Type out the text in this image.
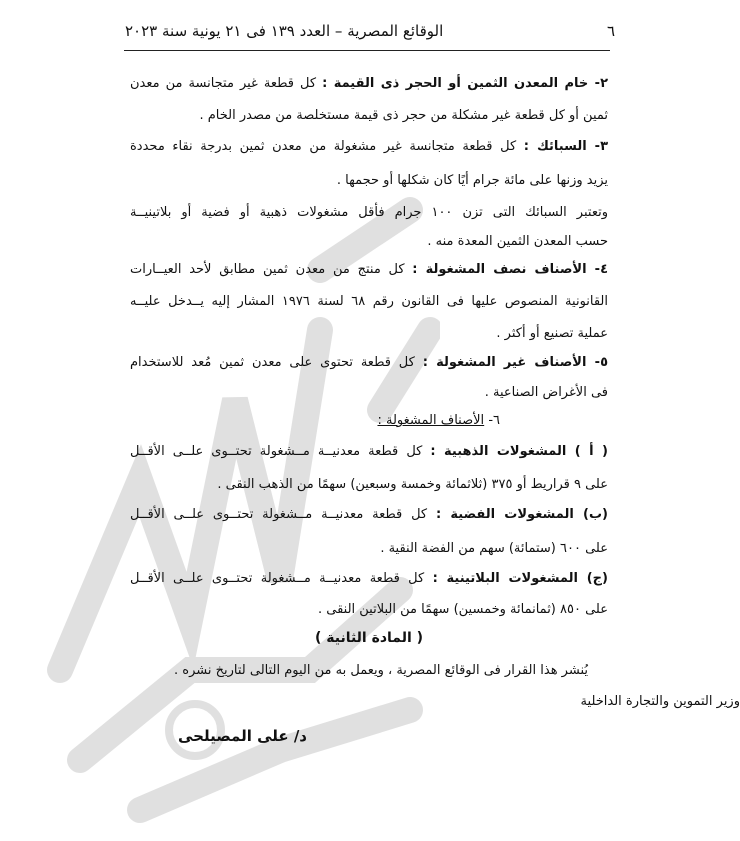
٦
الوقائع المصرية – العدد ١٣٩ فى ٢١ يونية سنة ٢٠٢٣
٢- خام المعدن الثمين أو الحجر ذى القيمة : كل قطعة غير متجانسة من معدن
ثمين أو كل قطعة غير مشكلة من حجر ذى قيمة مستخلصة من مصدر الخام .
٣- السبائك : كل قطعة متجانسة غير مشغولة من معدن ثمين بدرجة نقاء محددة
يزيد وزنها على مائة جرام أيًا كان شكلها أو حجمها .
وتعتبر السبائك التى تزن ١٠٠ جرام فأقل مشغولات ذهبية أو فضية أو بلاتينيــة
حسب المعدن الثمين المعدة منه .
٤- الأصناف نصف المشغولة : كل منتج من معدن ثمين مطابق لأحد العيــارات
القانونية المنصوص عليها فى القانون رقم ٦٨ لسنة ١٩٧٦ المشار إليه يــدخل عليــه
عملية تصنيع أو أكثر .
٥- الأصناف غير المشغولة : كل قطعة تحتوى على معدن ثمين مُعد للاستخدام
فى الأغراض الصناعية .
٦- الأصناف المشغولة :
( أ ) المشغولات الذهبية : كل قطعة معدنيــة مــشغولة تحتــوى علــى الأقــل
على ٩ قراريط أو ٣٧٥ (ثلاثمائة وخمسة وسبعين) سهمًا من الذهب النقى .
(ب) المشغولات الفضية : كل قطعة معدنيــة مــشغولة تحتــوى علــى الأقــل
على ٦٠٠ (ستمائة) سهم من الفضة النقية .
(ج) المشغولات البلاتينية : كل قطعة معدنيــة مــشغولة تحتــوى علــى الأقــل
على ٨٥٠ (ثمانمائة وخمسين) سهمًا من البلاتين النقى .
( المادة الثانية )
يُنشر هذا القرار فى الوقائع المصرية ، ويعمل به من اليوم التالى لتاريخ نشره .
وزير التموين والتجارة الداخلية
د/ على المصيلحى
